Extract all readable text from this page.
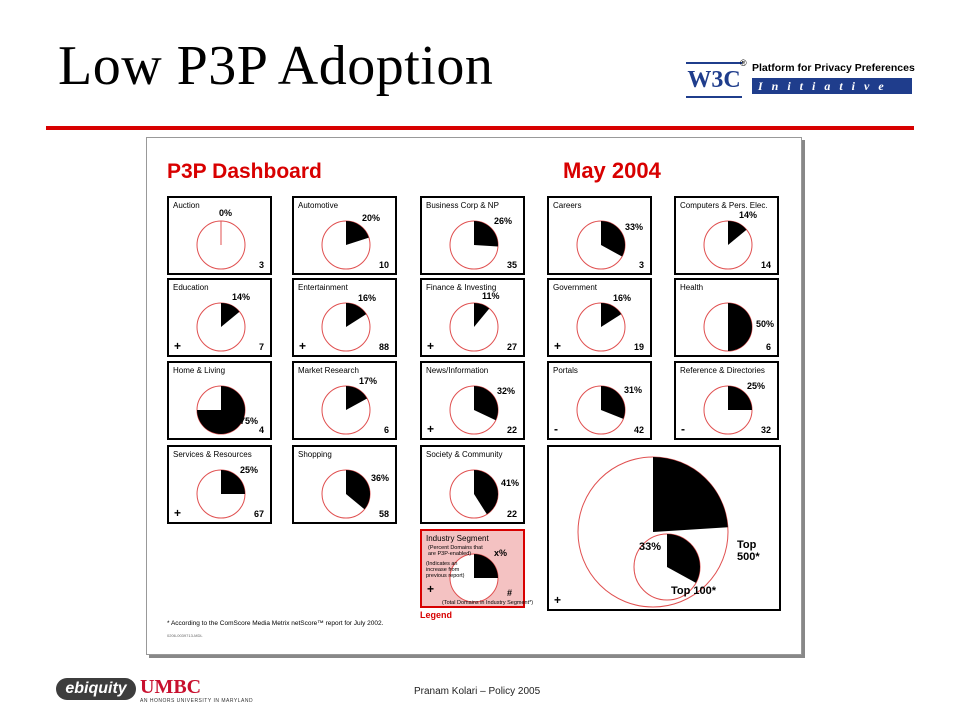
Low P3P Adoption	W3C
® Platform for Privacy Preferences
Initiative
P3P Dashboard	May 2004
Auction
0%
3
Automotive
20%
10
Business Corp & NP
26%
35
Careers
33%
3
Computers & Pers. Elec.
14%
14
Education
14%
7
+
Entertainment
16%
88
+
Finance & Investing
11%
27
+
Government
16%
19
+
Health
50%
6
Home & Living
75%
4
Market Research
17%
6
News/Information
32%
22
+
Portals
31%
42
-
Reference & Directories
25%
32
-
Services & Resources
25%
67
+
Shopping
36%
58
Society & Community
41%
22
Industry Segment
(Percent Domains that are P3P-enabled)
(Indicates an increase from previous report)
(Total Domains in Industry Segment*)
x%
#
+
Legend
+
24%
Top 500*
33%
Top 100*
* According to the ComScore Media Metrix netScore™ report for July 2002.
0206-0039713-MDL
ebiquity UMBC
AN HONORS UNIVERSITY IN MARYLAND
Pranam Kolari – Policy 2005
